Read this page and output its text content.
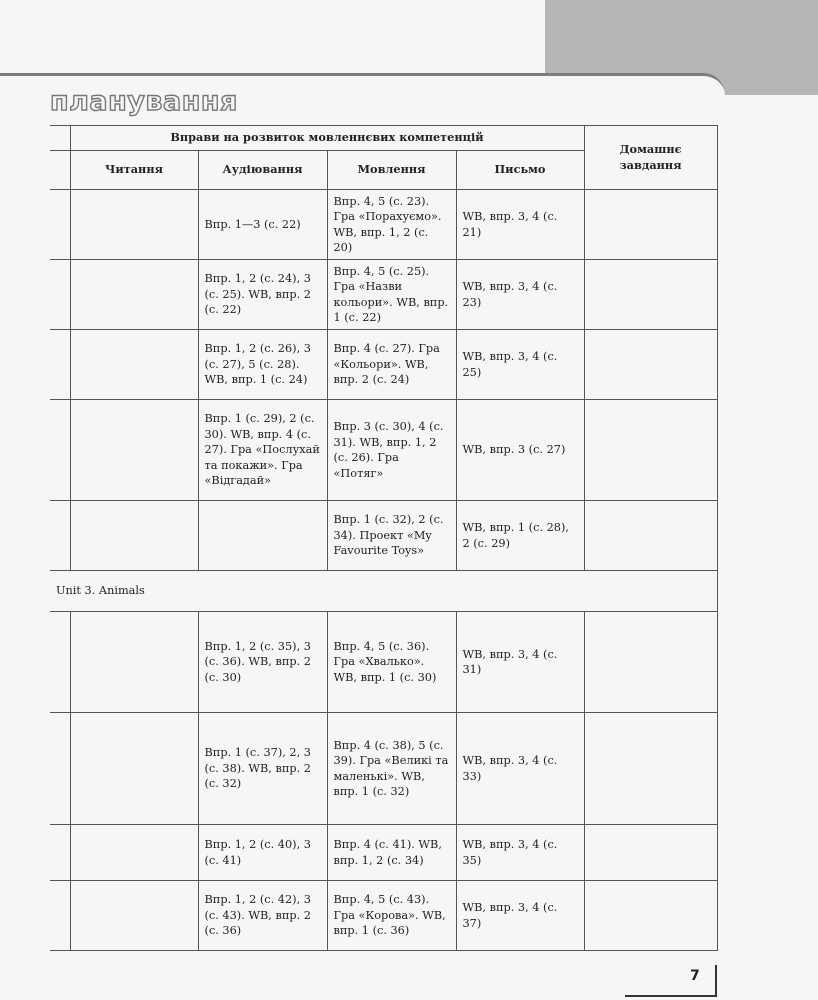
планування
	Вправи на розвиток мовленнєвих компетенцій				Домашнє завдання
	Читання	Аудіювання	Мовлення	Письмо	
		Впр. 1—3 (с. 22)	Впр. 4, 5 (с. 23). Гра «Порахуємо». WB, впр. 1, 2 (с. 20)	WB, впр. 3, 4 (с. 21)	
		Впр. 1, 2 (с. 24), 3 (с. 25). WB, впр. 2 (с. 22)	Впр. 4, 5 (с. 25). Гра «Назви кольори». WB, впр. 1 (с. 22)	WB, впр. 3, 4 (с. 23)	
		Впр. 1, 2 (с. 26), 3 (с. 27), 5 (с. 28). WB, впр. 1 (с. 24)	Впр. 4 (с. 27). Гра «Кольори». WB, впр. 2 (с. 24)	WB, впр. 3, 4 (с. 25)	
		Впр. 1 (с. 29), 2 (с. 30). WB, впр. 4 (с. 27). Гра «Послухай та покажи». Гра «Відгадай»	Впр. 3 (с. 30), 4 (с. 31). WB, впр. 1, 2 (с. 26). Гра «Потяг»	WB, впр. 3 (с. 27)	
			Впр. 1 (с. 32), 2 (с. 34). Проект «My Favourite Toys»	WB, впр. 1 (с. 28), 2 (с. 29)	
Unit 3. Animals					
		Впр. 1, 2 (с. 35), 3 (с. 36). WB, впр. 2 (с. 30)	Впр. 4, 5 (с. 36). Гра «Хвалько». WB, впр. 1 (с. 30)	WB, впр. 3, 4 (с. 31)	
		Впр. 1 (с. 37), 2, 3 (с. 38). WB, впр. 2 (с. 32)	Впр. 4 (с. 38), 5 (с. 39). Гра «Великі та маленькі». WB, впр. 1 (с. 32)	WB, впр. 3, 4 (с. 33)	
		Впр. 1, 2 (с. 40), 3 (с. 41)	Впр. 4 (с. 41). WB, впр. 1, 2 (с. 34)	WB, впр. 3, 4 (с. 35)	
		Впр. 1, 2 (с. 42), 3 (с. 43). WB, впр. 2 (с. 36)	Впр. 4, 5 (с. 43). Гра «Корова». WB, впр. 1 (с. 36)	WB, впр. 3, 4 (с. 37)	
7
